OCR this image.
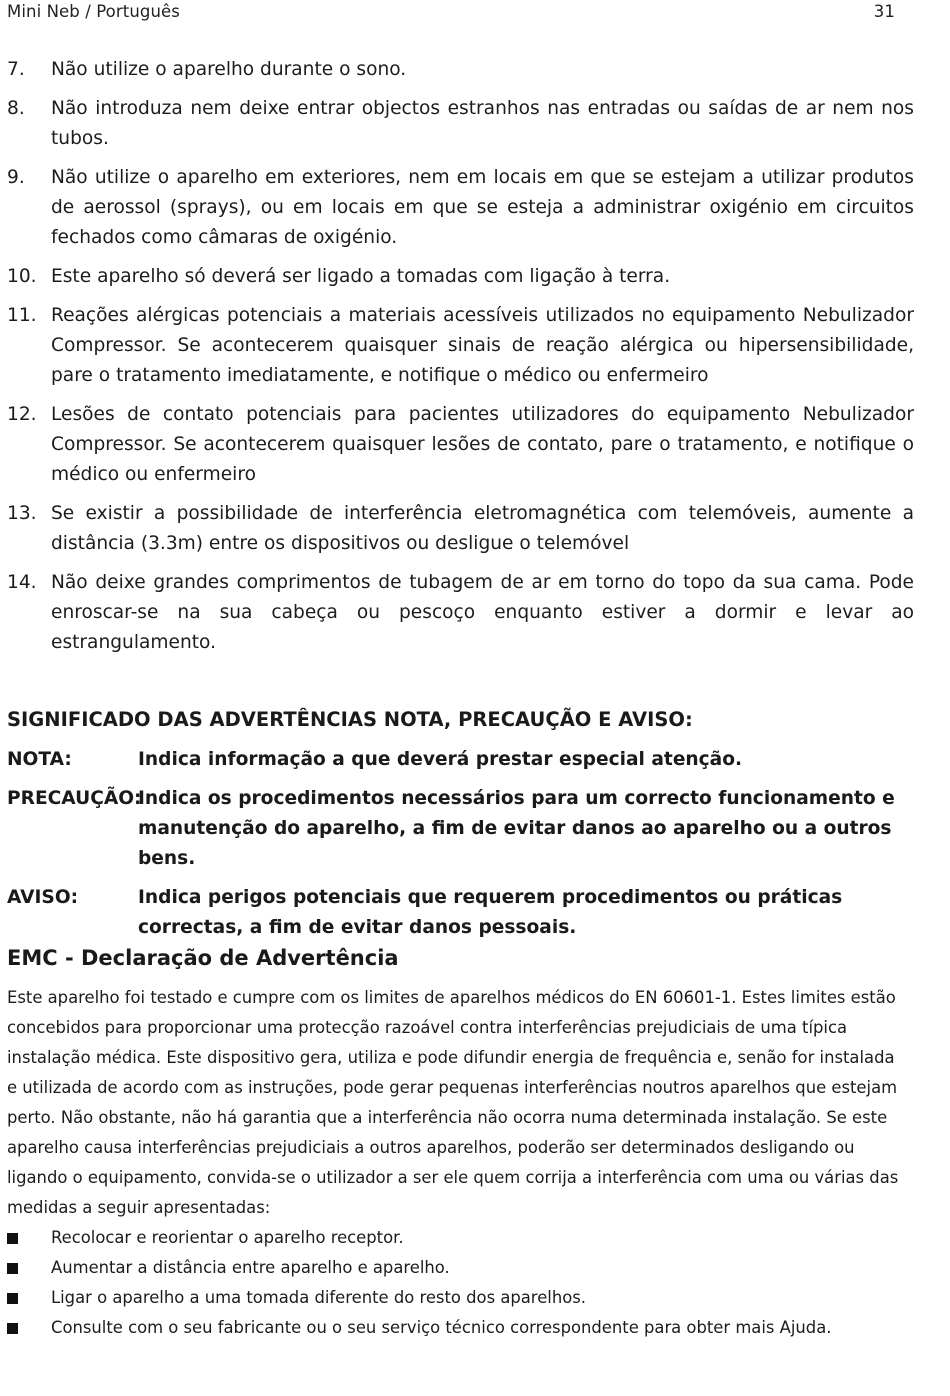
Mini Neb / Português	31
7.	Não utilize o aparelho durante o sono.
8.	Não introduza nem deixe entrar objectos estranhos nas entradas ou saídas de ar nem nos tubos.
9.	Não utilize o aparelho em exteriores, nem em locais em que se estejam a utilizar produtos de aerossol (sprays), ou em locais em que se esteja a administrar oxigénio em circuitos fechados como câmaras de oxigénio.
10. Este aparelho só deverá ser ligado a tomadas com ligação à terra.
11. Reações alérgicas potenciais a materiais acessíveis utilizados no equipamento Nebulizador Compressor. Se acontecerem quaisquer sinais de reação alérgica ou hipersensibilidade, pare o tratamento imediatamente, e notifique o médico ou enfermeiro
12. Lesões de contato potenciais para pacientes utilizadores do equipamento Nebulizador Compressor. Se acontecerem quaisquer lesões de contato, pare o tratamento, e notifique o médico ou enfermeiro
13. Se existir a possibilidade de interferência eletromagnética com telemóveis, aumente a distância (3.3m) entre os dispositivos ou desligue o telemóvel
14. Não deixe grandes comprimentos de tubagem de ar em torno do topo da sua cama. Pode enroscar-se na sua cabeça ou pescoço enquanto estiver a dormir e levar ao estrangulamento.
SIGNIFICADO DAS ADVERTÊNCIAS NOTA, PRECAUÇÃO E AVISO:
NOTA:	Indica informação a que deverá prestar especial atenção.
PRECAUÇÃO:
Indica os procedimentos necessários para um correcto funcionamento e manutenção do aparelho, a fim de evitar danos ao aparelho ou a outros bens.
AVISO:	Indica perigos potenciais que requerem procedimentos ou práticas correctas, a fim de evitar danos pessoais.
EMC - Declaração de Advertência

Este aparelho foi testado e cumpre com os limites de aparelhos médicos do EN 60601-1. Estes limites estão concebidos para proporcionar uma protecção razoável contra interferências prejudiciais de uma típica instalação médica. Este dispositivo gera, utiliza e pode difundir energia de frequência e, senão for instalada e utilizada de acordo com as instruções, pode gerar pequenas interferências noutros aparelhos que estejam perto. Não obstante, não há garantia que a interferência não ocorra numa determinada instalação. Se este aparelho causa interferências prejudiciais a outros aparelhos, poderão ser determinados desligando ou ligando o equipamento, convida-se o utilizador a ser ele quem corrija a interferência com uma ou várias das medidas a seguir apresentadas:

Recolocar e reorientar o aparelho receptor.
Aumentar a distância entre aparelho e aparelho.
Ligar o aparelho a uma tomada diferente do resto dos aparelhos.
Consulte com o seu fabricante ou o seu serviço técnico correspondente para obter mais Ajuda.
